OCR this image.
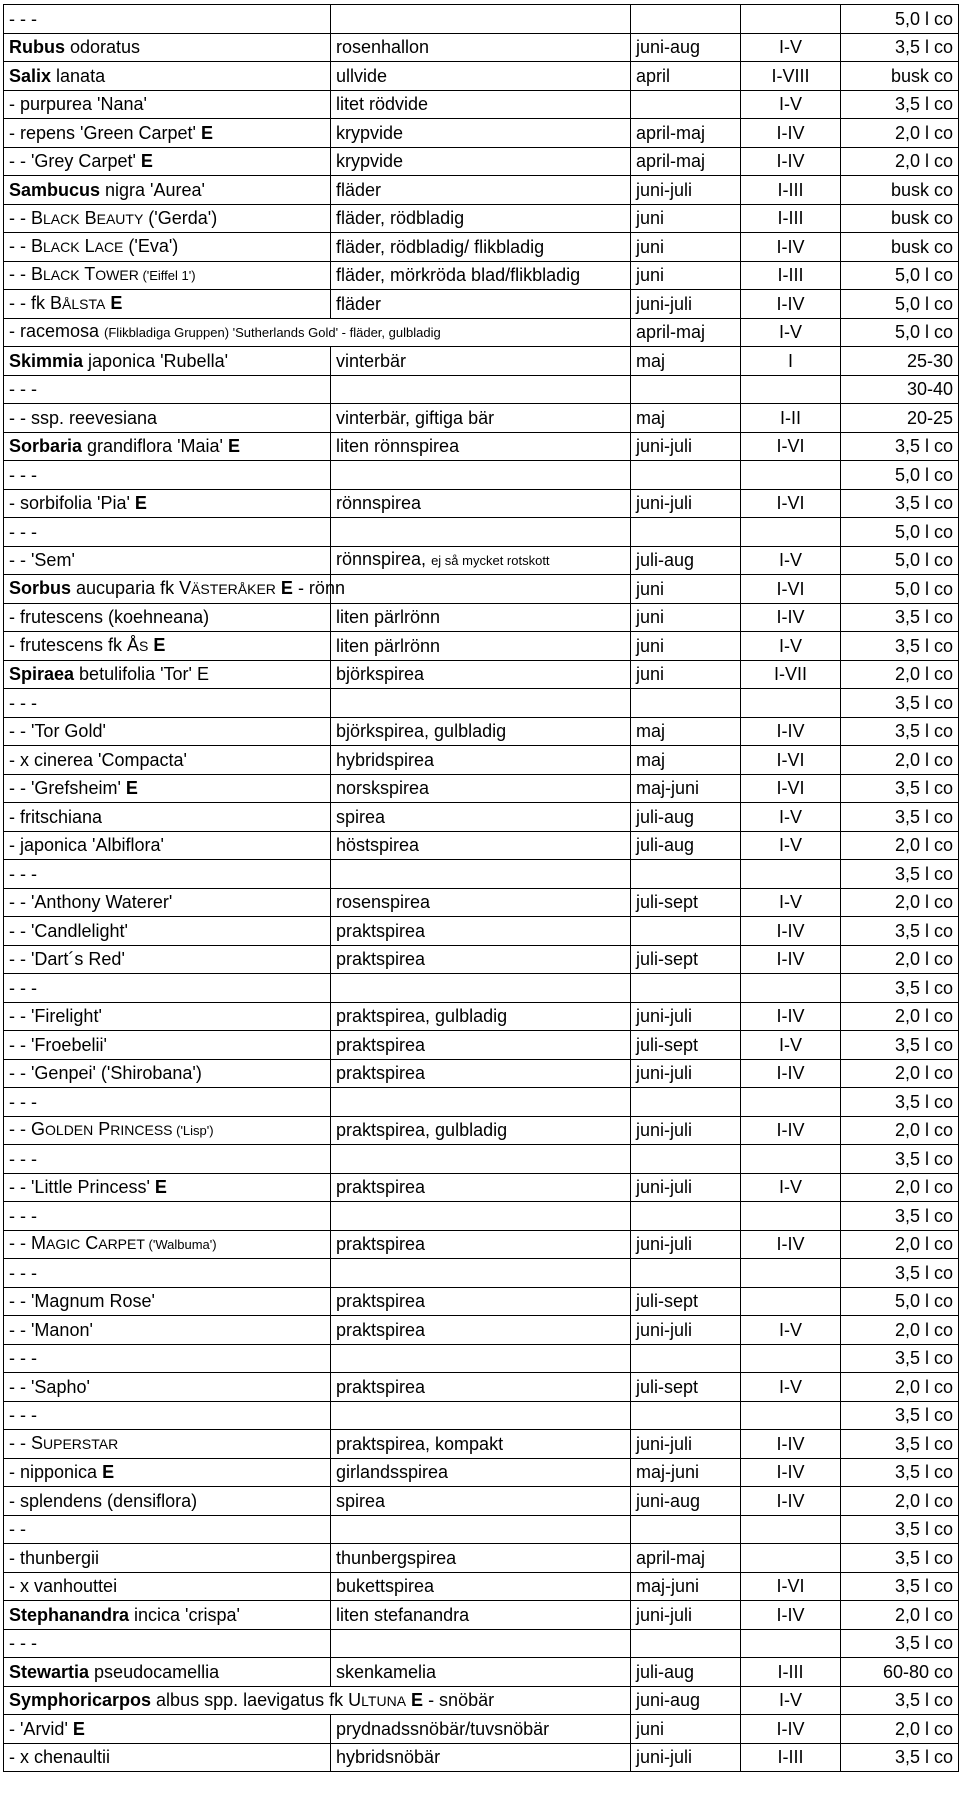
- - -				5,0 l co
Rubus odoratus	rosenhallon	juni-aug	I-V	3,5 l co
Salix lanata	ullvide	april	I-VIII	busk co
- purpurea 'Nana'	litet rödvide		I-V	3,5 l co
- repens 'Green Carpet' E	krypvide	april-maj	I-IV	2,0 l co
- - 'Grey Carpet' E	krypvide	april-maj	I-IV	2,0 l co
Sambucus nigra 'Aurea'	fläder	juni-juli	I-III	busk co
- - BLACK BEAUTY ('Gerda')	fläder, rödbladig	juni	I-III	busk co
- - BLACK LACE ('Eva')	fläder, rödbladig/ flikbladig	juni	I-IV	busk co
- - BLACK TOWER ('Eiffel 1')	fläder, mörkröda blad/flikbladig	juni	I-III	5,0 l co
- - fk BÅLSTA E	fläder	juni-juli	I-IV	5,0 l co
- racemosa (Flikbladiga Gruppen) 'Sutherlands Gold' - fläder, gulbladig		april-maj	I-V	5,0 l co
Skimmia japonica 'Rubella'	vinterbär	maj	I	25-30
- - -				30-40
- - ssp. reevesiana	vinterbär, giftiga bär	maj	I-II	20-25
Sorbaria grandiflora 'Maia' E	liten rönnspirea	juni-juli	I-VI	3,5 l co
- - -				5,0 l co
- sorbifolia 'Pia' E	rönnspirea	juni-juli	I-VI	3,5 l co
- - -				5,0 l co
- - 'Sem'	rönnspirea, ej så mycket rotskott	juli-aug	I-V	5,0 l co
Sorbus aucuparia fk VÄSTERÅKER E - rönn		juni	I-VI	5,0 l co
- frutescens (koehneana)	liten pärlrönn	juni	I-IV	3,5 l co
- frutescens fk ÅS E	liten pärlrönn	juni	I-V	3,5 l co
Spiraea betulifolia 'Tor' E	björkspirea	juni	I-VII	2,0 l co
- - -				3,5 l co
- - 'Tor Gold'	björkspirea, gulbladig	maj	I-IV	3,5 l co
- x cinerea 'Compacta'	hybridspirea	maj	I-VI	2,0 l co
- - 'Grefsheim' E	norskspirea	maj-juni	I-VI	3,5 l co
- fritschiana	spirea	juli-aug	I-V	3,5 l co
- japonica 'Albiflora'	höstspirea	juli-aug	I-V	2,0 l co
- - -				3,5 l co
- - 'Anthony Waterer'	rosenspirea	juli-sept	I-V	2,0 l co
- - 'Candlelight'	praktspirea		I-IV	3,5 l co
- - 'Dart´s Red'	praktspirea	juli-sept	I-IV	2,0 l co
- - -				3,5 l co
- - 'Firelight'	praktspirea, gulbladig	juni-juli	I-IV	2,0 l co
- - 'Froebelii'	praktspirea	juli-sept	I-V	3,5 l co
- - 'Genpei' ('Shirobana')	praktspirea	juni-juli	I-IV	2,0 l co
- - -				3,5 l co
- - GOLDEN PRINCESS ('Lisp')	praktspirea, gulbladig	juni-juli	I-IV	2,0 l co
- - -				3,5 l co
- - 'Little Princess' E	praktspirea	juni-juli	I-V	2,0 l co
- - -				3,5 l co
- - MAGIC CARPET ('Walbuma')	praktspirea	juni-juli	I-IV	2,0 l co
- - -				3,5 l co
- - 'Magnum Rose'	praktspirea	juli-sept		5,0 l co
- - 'Manon'	praktspirea	juni-juli	I-V	2,0 l co
- - -				3,5 l co
- - 'Sapho'	praktspirea	juli-sept	I-V	2,0 l co
- - -				3,5 l co
- - SUPERSTAR	praktspirea, kompakt	juni-juli	I-IV	3,5 l co
- nipponica E	girlandsspirea	maj-juni	I-IV	3,5 l co
- splendens (densiflora)	spirea	juni-aug	I-IV	2,0 l co
- -				3,5 l co
- thunbergii	thunbergspirea	april-maj		3,5 l co
- x vanhouttei	bukettspirea	maj-juni	I-VI	3,5 l co
Stephanandra incica 'crispa'	liten stefanandra	juni-juli	I-IV	2,0 l co
- - -				3,5 l co
Stewartia pseudocamellia	skenkamelia	juli-aug	I-III	60-80 co
Symphoricarpos albus spp. laevigatus fk ULTUNA E - snöbär		juni-aug	I-V	3,5 l co
- 'Arvid' E	prydnadssnöbär/tuvsnöbär	juni	I-IV	2,0 l co
- x chenaultii	hybridsnöbär	juni-juli	I-III	3,5 l co
